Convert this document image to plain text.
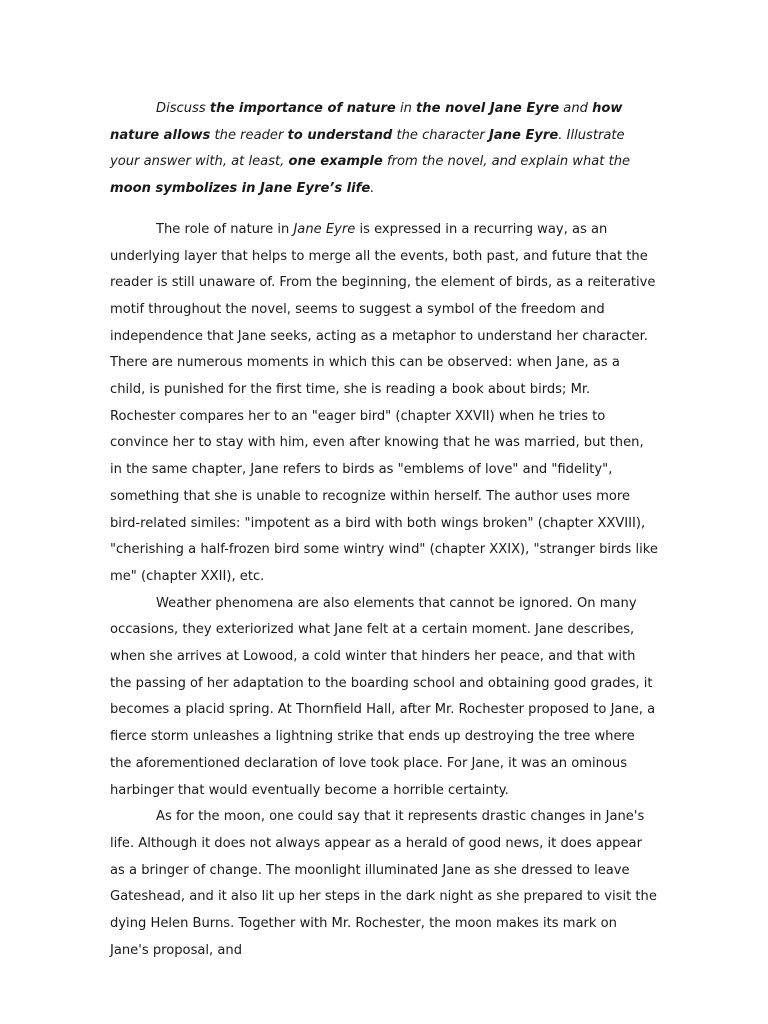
Discuss the importance of nature in the novel Jane Eyre and how nature allows the reader to understand the character Jane Eyre. Illustrate your answer with, at least, one example from the novel, and explain what the moon symbolizes in Jane Eyre’s life.

The role of nature in Jane Eyre is expressed in a recurring way, as an underlying layer that helps to merge all the events, both past, and future that the reader is still unaware of. From the beginning, the element of birds, as a reiterative motif throughout the novel, seems to suggest a symbol of the freedom and independence that Jane seeks, acting as a metaphor to understand her character. There are numerous moments in which this can be observed: when Jane, as a child, is punished for the first time, she is reading a book about birds; Mr. Rochester compares her to an "eager bird" (chapter XXVII) when he tries to convince her to stay with him, even after knowing that he was married, but then, in the same chapter, Jane refers to birds as "emblems of love" and "fidelity", something that she is unable to recognize within herself. The author uses more bird-related similes: "impotent as a bird with both wings broken" (chapter XXVIII), "cherishing a half-frozen bird some wintry wind" (chapter XXIX), "stranger birds like me" (chapter XXII), etc.

Weather phenomena are also elements that cannot be ignored. On many occasions, they exteriorized what Jane felt at a certain moment. Jane describes, when she arrives at Lowood, a cold winter that hinders her peace, and that with the passing of her adaptation to the boarding school and obtaining good grades, it becomes a placid spring. At Thornfield Hall, after Mr. Rochester proposed to Jane, a fierce storm unleashes a lightning strike that ends up destroying the tree where the aforementioned declaration of love took place. For Jane, it was an ominous harbinger that would eventually become a horrible certainty.

As for the moon, one could say that it represents drastic changes in Jane's life. Although it does not always appear as a herald of good news, it does appear as a bringer of change. The moonlight illuminated Jane as she dressed to leave Gateshead, and it also lit up her steps in the dark night as she prepared to visit the dying Helen Burns. Together with Mr. Rochester, the moon makes its mark on Jane's proposal, and
